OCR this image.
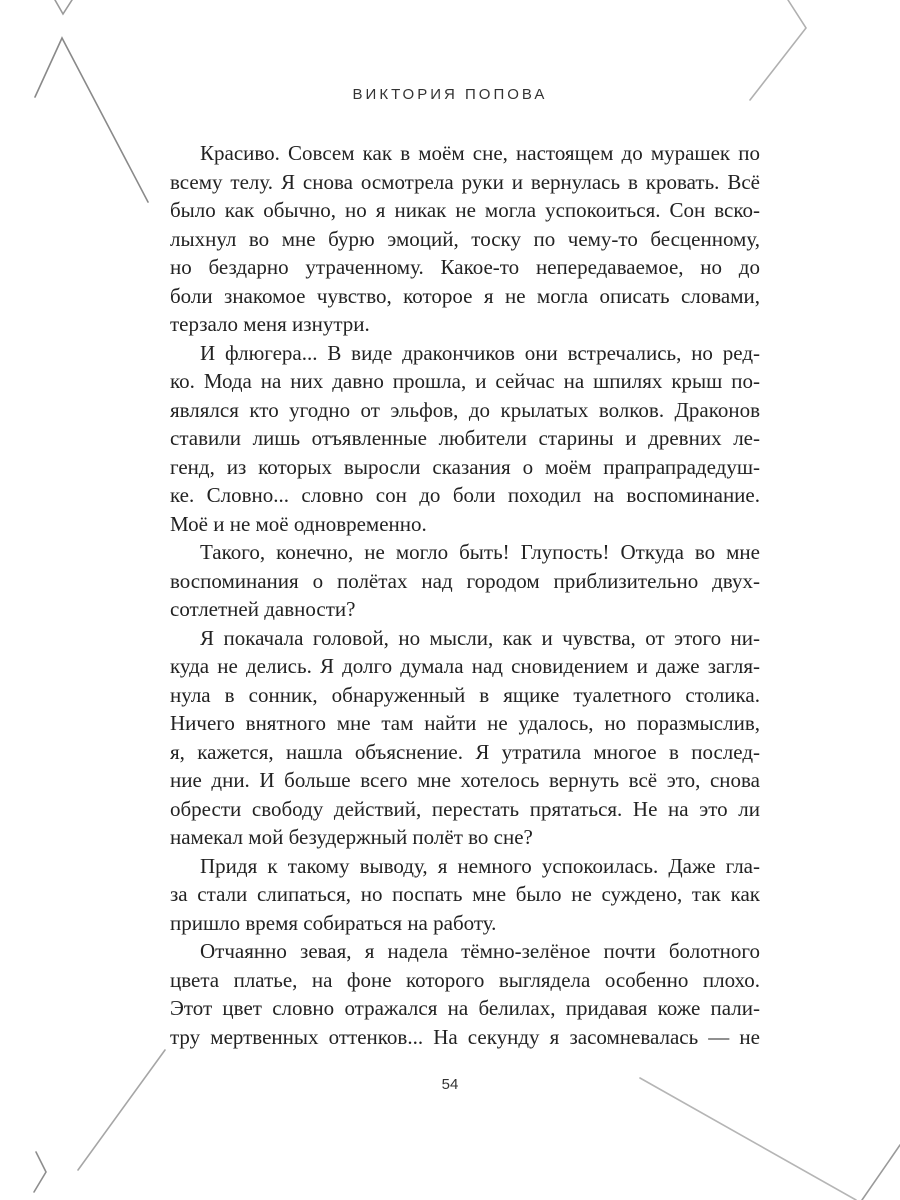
ВИКТОРИЯ ПОПОВА
Красиво. Совсем как в моём сне, настоящем до мурашек по
всему телу. Я снова осмотрела руки и вернулась в кровать. Всё
было как обычно, но я никак не могла успокоиться. Сон вско-
лыхнул во мне бурю эмоций, тоску по чему-то бесценному,
но бездарно утраченному. Какое-то непередаваемое, но до
боли знакомое чувство, которое я не могла описать словами,
терзало меня изнутри.
И флюгера... В виде дракончиков они встречались, но ред-
ко. Мода на них давно прошла, и сейчас на шпилях крыш по-
являлся кто угодно от эльфов, до крылатых волков. Драконов
ставили лишь отъявленные любители старины и древних ле-
генд, из которых выросли сказания о моём прапрапрадедуш-
ке. Словно... словно сон до боли походил на воспоминание.
Моё и не моё одновременно.
Такого, конечно, не могло быть! Глупость! Откуда во мне
воспоминания о полётах над городом приблизительно двух-
сотлетней давности?
Я покачала головой, но мысли, как и чувства, от этого ни-
куда не делись. Я долго думала над сновидением и даже загля-
нула в сонник, обнаруженный в ящике туалетного столика.
Ничего внятного мне там найти не удалось, но поразмыслив,
я, кажется, нашла объяснение. Я утратила многое в послед-
ние дни. И больше всего мне хотелось вернуть всё это, снова
обрести свободу действий, перестать прятаться. Не на это ли
намекал мой безудержный полёт во сне?
Придя к такому выводу, я немного успокоилась. Даже гла-
за стали слипаться, но поспать мне было не суждено, так как
пришло время собираться на работу.
Отчаянно зевая, я надела тёмно-зелёное почти болотного
цвета платье, на фоне которого выглядела особенно плохо.
Этот цвет словно отражался на белилах, придавая коже пали-
тру мертвенных оттенков... На секунду я засомневалась — не
54
